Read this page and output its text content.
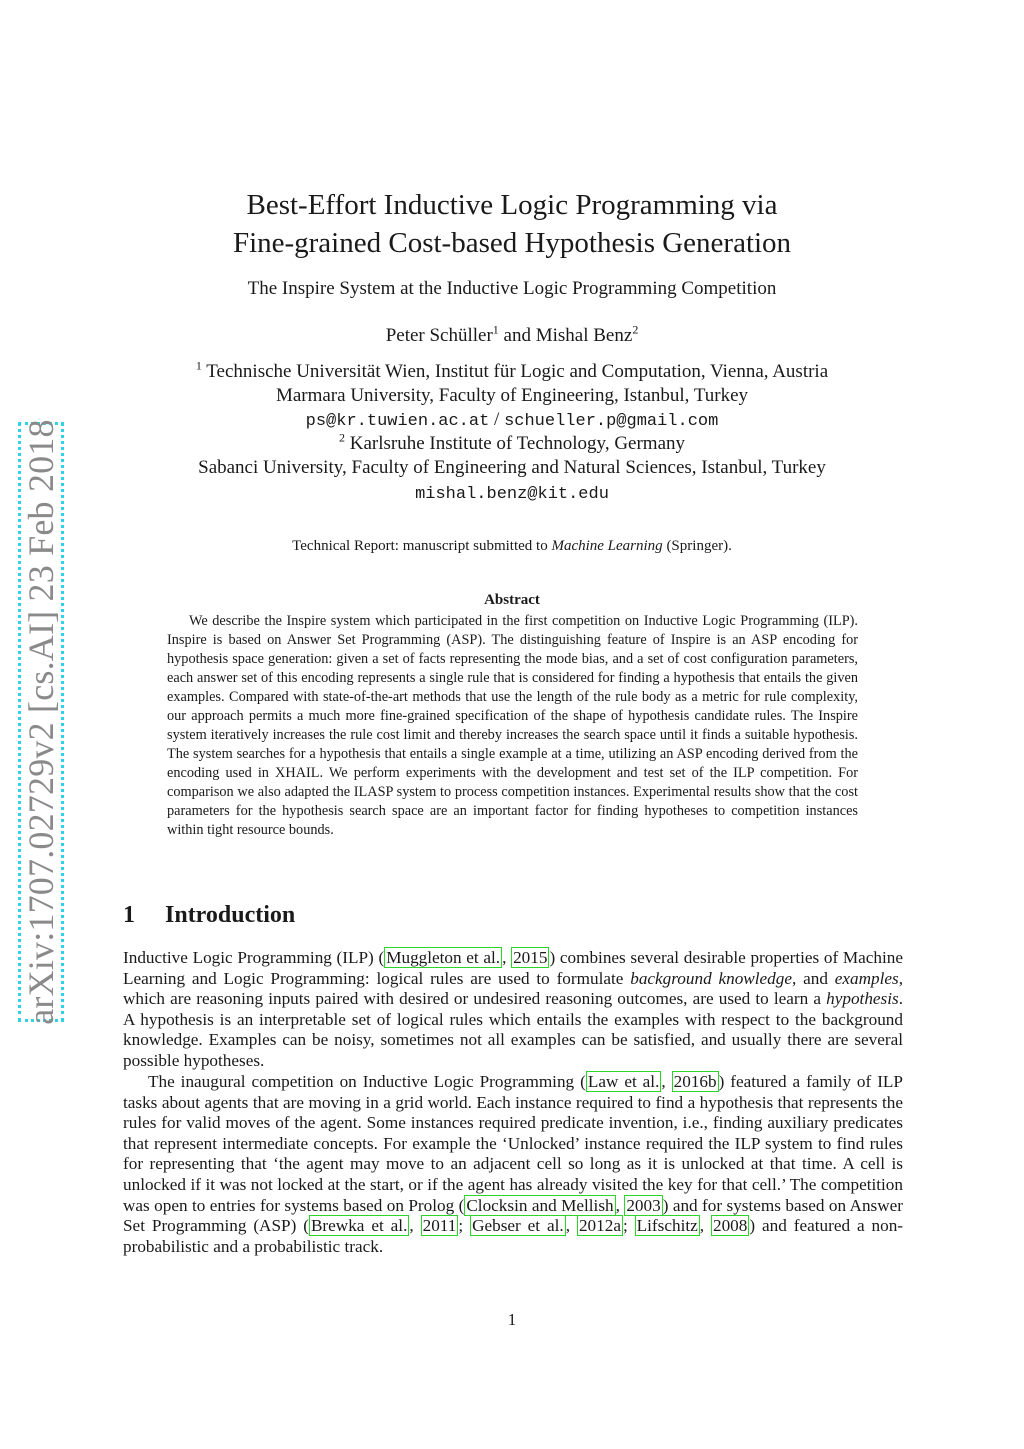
arXiv:1707.02729v2 [cs.AI] 23 Feb 2018
Best-Effort Inductive Logic Programming via
Fine-grained Cost-based Hypothesis Generation
The Inspire System at the Inductive Logic Programming Competition
Peter Schüller$^1$ and Mishal Benz$^2$
$^1$ Technische Universität Wien, Institut für Logic and Computation, Vienna, Austria
Marmara University, Faculty of Engineering, Istanbul, Turkey
ps@kr.tuwien.ac.at / schueller.p@gmail.com
$^2$ Karlsruhe Institute of Technology, Germany
Sabanci University, Faculty of Engineering and Natural Sciences, Istanbul, Turkey
mishal.benz@kit.edu
Technical Report: manuscript submitted to Machine Learning (Springer).
Abstract
We describe the Inspire system which participated in the first competition on Inductive Logic Programming (ILP). Inspire is based on Answer Set Programming (ASP). The distinguishing feature of Inspire is an ASP encoding for hypothesis space generation: given a set of facts representing the mode bias, and a set of cost configuration parameters, each answer set of this encoding represents a single rule that is considered for finding a hypothesis that entails the given examples. Compared with state-of-the-art methods that use the length of the rule body as a metric for rule complexity, our approach permits a much more fine-grained specification of the shape of hypothesis candidate rules. The Inspire system iteratively increases the rule cost limit and thereby increases the search space until it finds a suitable hypothesis. The system searches for a hypothesis that entails a single example at a time, utilizing an ASP encoding derived from the encoding used in XHAIL. We perform experiments with the development and test set of the ILP competition. For comparison we also adapted the ILASP system to process competition instances. Experimental results show that the cost parameters for the hypothesis search space are an important factor for finding hypotheses to competition instances within tight resource bounds.
1 Introduction
Inductive Logic Programming (ILP) ( Muggleton et al. , 2015 ) combines several desirable properties of Machine Learning and Logic Programming: logical rules are used to formulate background knowledge, and examples, which are reasoning inputs paired with desired or undesired reasoning outcomes, are used to learn a hypothesis. A hypothesis is an interpretable set of logical rules which entails the examples with respect to the background knowledge. Examples can be noisy, sometimes not all examples can be satisfied, and usually there are several possible hypotheses.
The inaugural competition on Inductive Logic Programming ( Law et al. , 2016b ) featured a family of ILP tasks about agents that are moving in a grid world. Each instance required to find a hypothesis that represents the rules for valid moves of the agent. Some instances required predicate invention, i.e., finding auxiliary predicates that represent intermediate concepts. For example the ‘Unlocked’ instance required the ILP system to find rules for representing that ‘the agent may move to an adjacent cell so long as it is unlocked at that time. A cell is unlocked if it was not locked at the start, or if the agent has already visited the key for that cell.’ The competition was open to entries for systems based on Prolog ( Clocksin and Mellish , 2003 ) and for systems based on Answer Set Programming (ASP) ( Brewka et al. , 2011 ; Gebser et al. , 2012a ; Lifschitz , 2008 ) and featured a non-probabilistic and a probabilistic track.
1
